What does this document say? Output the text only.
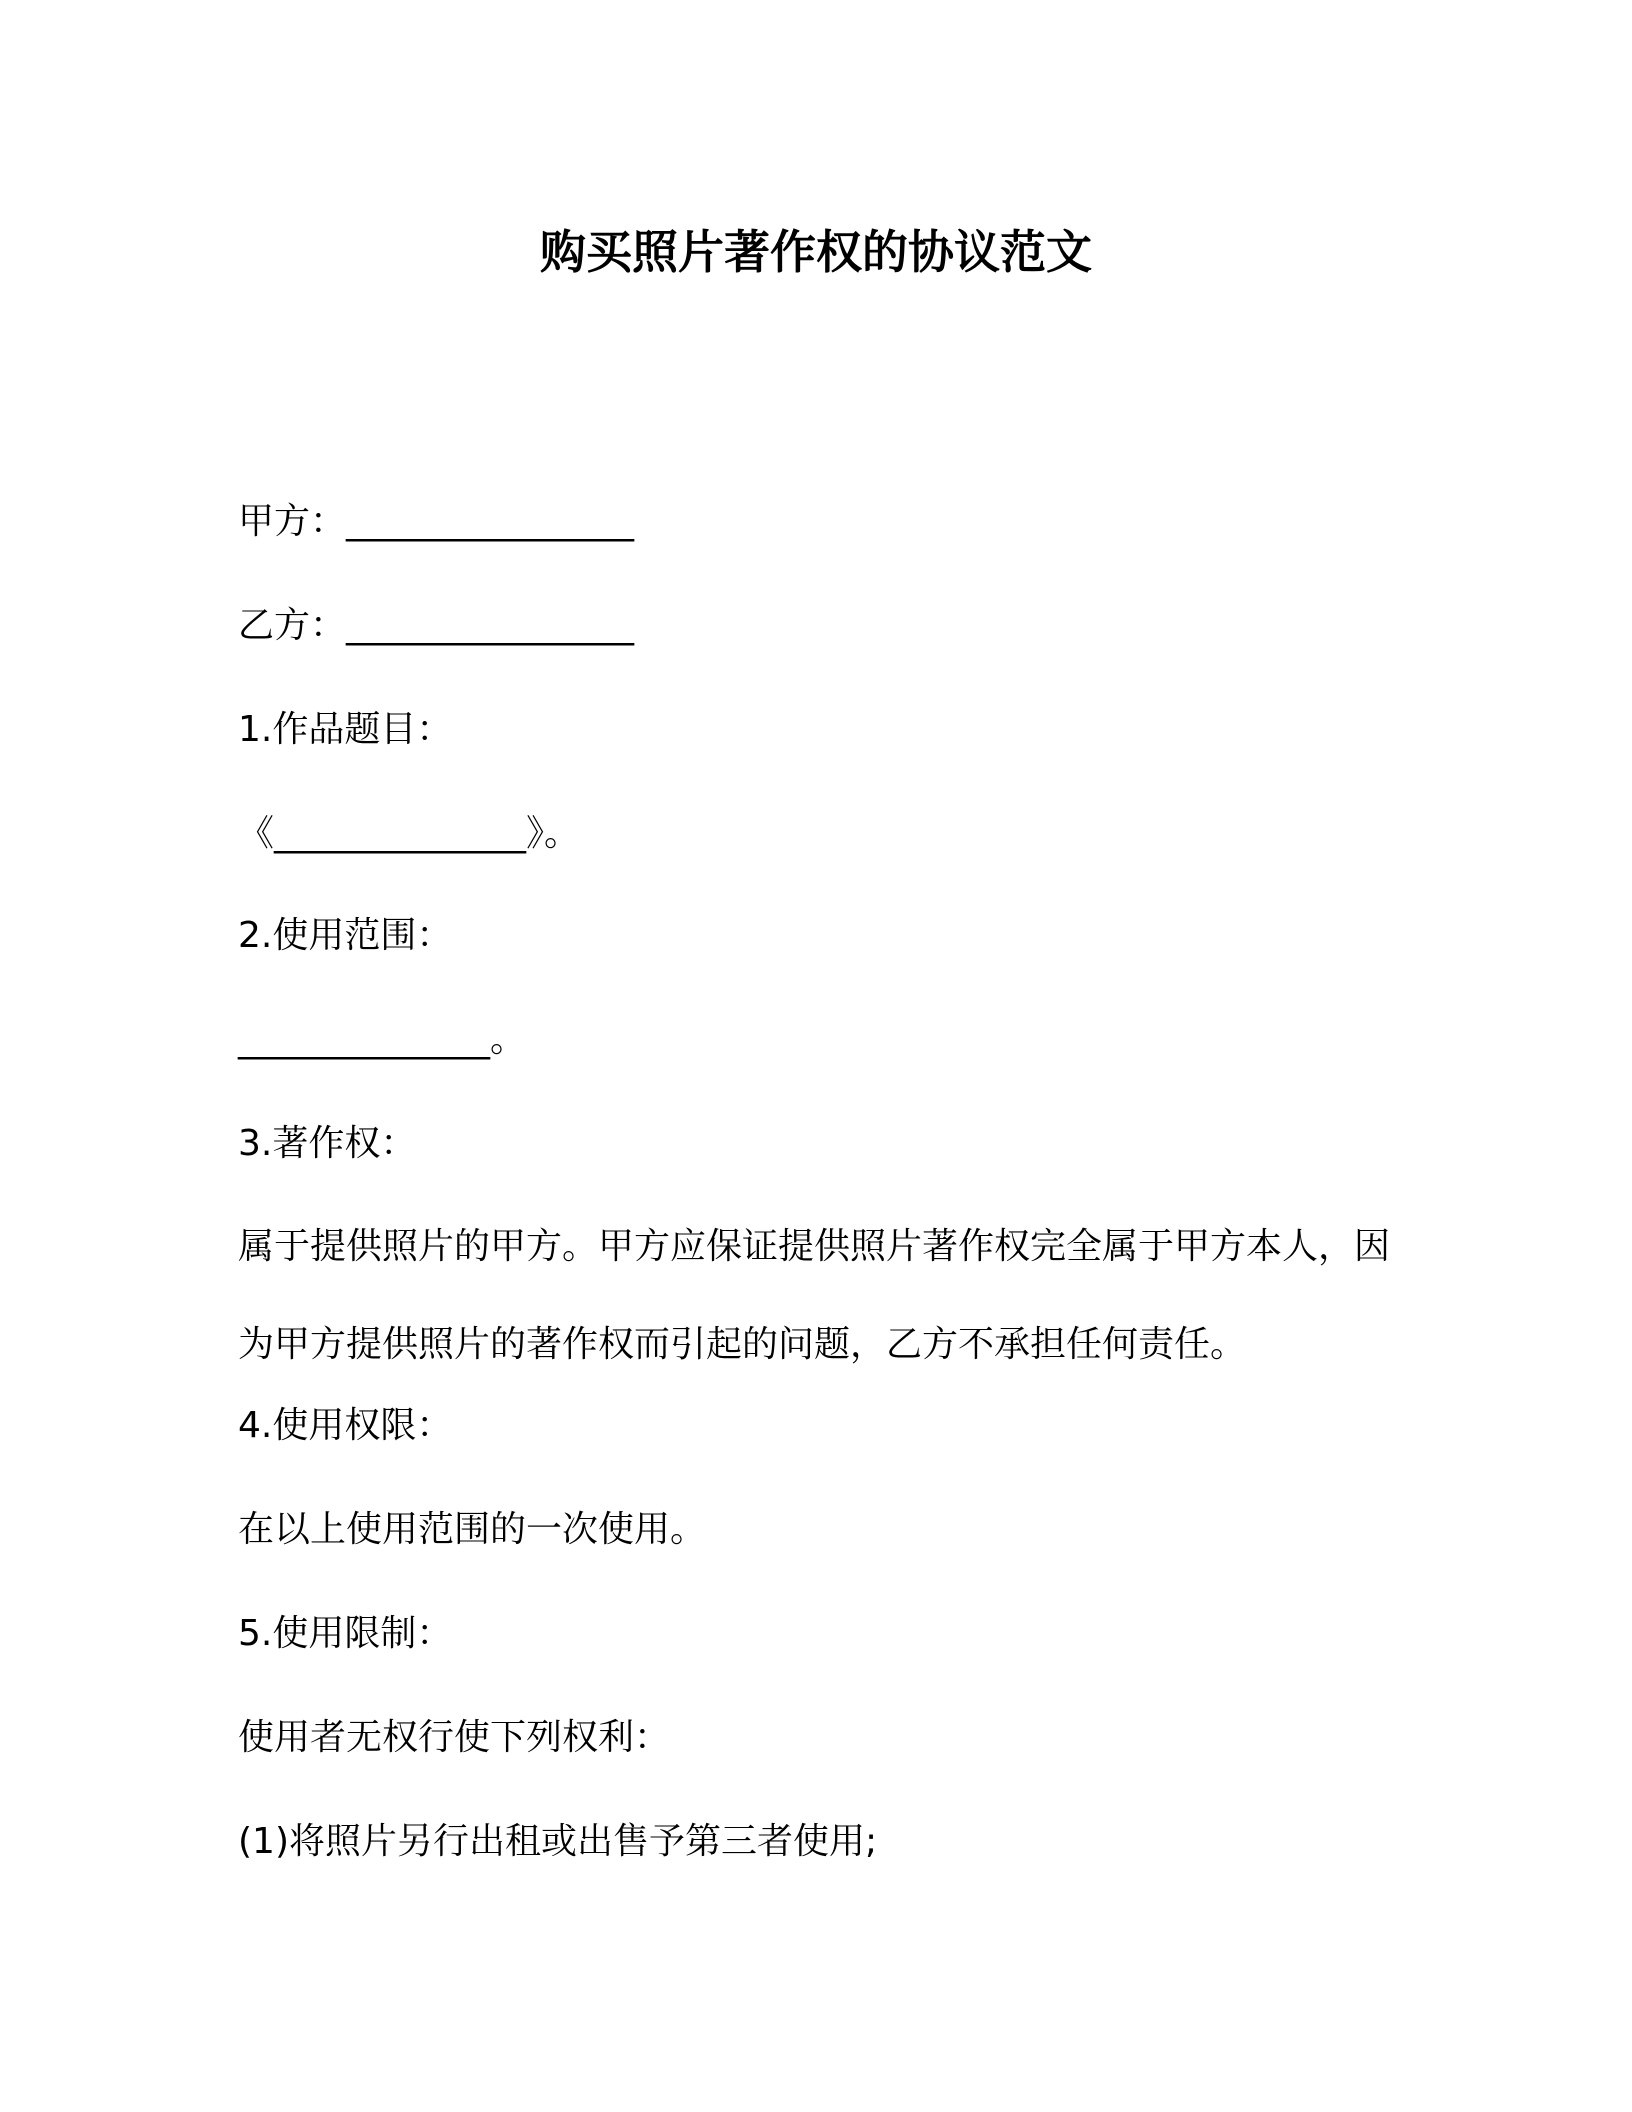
购买照片著作权的协议范文
甲方：________________
乙方：________________
1.作品题目：
《______________》。
2.使用范围：
______________。
3.著作权：
属于提供照片的甲方。甲方应保证提供照片著作权完全属于甲方本人，因为甲方提供照片的著作权而引起的问题，乙方不承担任何责任。
4.使用权限：
在以上使用范围的一次使用。
5.使用限制：
使用者无权行使下列权利：
(1)将照片另行出租或出售予第三者使用;
